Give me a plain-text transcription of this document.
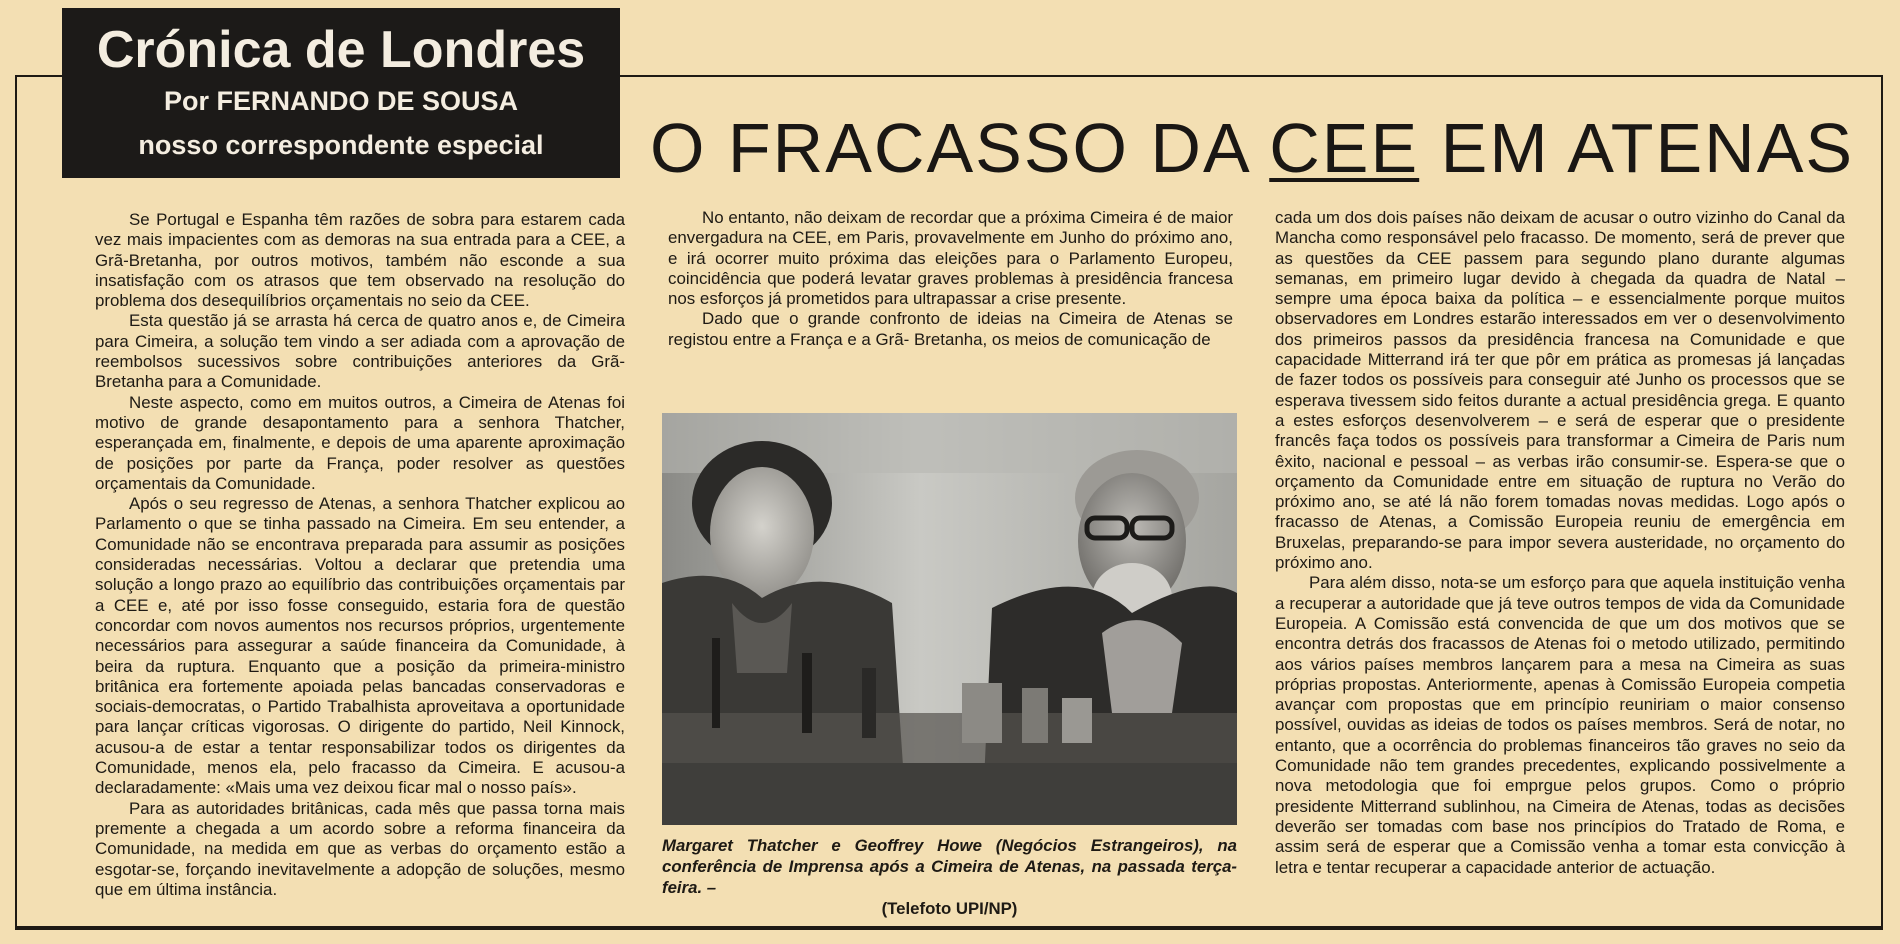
Crónica de Londres
Por FERNANDO DE SOUSA
nosso correspondente especial	O FRACASSO DA CEE EM ATENAS

Se Portugal e Espanha têm razões de sobra para estarem cada vez mais impacientes com as demoras na sua entrada para a CEE, a Grã-Bretanha, por outros motivos, também não esconde a sua insatisfação com os atrasos que tem observado na resolução do problema dos desequilíbrios orçamentais no seio da CEE.

Esta questão já se arrasta há cerca de quatro anos e, de Cimeira para Cimeira, a solução tem vindo a ser adiada com a aprovação de reembolsos sucessivos sobre contribuições anteriores da Grã-Bretanha para a Comunidade.

Neste aspecto, como em muitos outros, a Cimeira de Atenas foi motivo de grande desapontamento para a senhora Thatcher, esperançada em, finalmente, e depois de uma aparente aproximação de posições por parte da França, poder resolver as questões orçamentais da Comunidade.

Após o seu regresso de Atenas, a senhora Thatcher explicou ao Parlamento o que se tinha passado na Cimeira. Em seu entender, a Comunidade não se encontrava preparada para assumir as posições consideradas necessárias. Voltou a declarar que pretendia uma solução a longo prazo ao equilíbrio das contribuições orçamentais par a CEE e, até por isso fosse conseguido, estaria fora de questão concordar com novos aumentos nos recursos próprios, urgentemente necessários para assegurar a saúde financeira da Comunidade, à beira da ruptura. Enquanto que a posição da primeira-ministro britânica era fortemente apoiada pelas bancadas conservadoras e sociais-democratas, o Partido Trabalhista aproveitava a oportunidade para lançar críticas vigorosas. O dirigente do partido, Neil Kinnock, acusou-a de estar a tentar responsabilizar todos os dirigentes da Comunidade, menos ela, pelo fracasso da Cimeira. E acusou-a declaradamente: «Mais uma vez deixou ficar mal o nosso país».

Para as autoridades britânicas, cada mês que passa torna mais premente a chegada a um acordo sobre a reforma financeira da Comunidade, na medida em que as verbas do orçamento estão a esgotar-se, forçando inevitavelmente a adopção de soluções, mesmo que em última instância.

No entanto, não deixam de recordar que a próxima Cimeira é de maior envergadura na CEE, em Paris, provavelmente em Junho do próximo ano, e irá ocorrer muito próxima das eleições para o Parlamento Europeu, coincidência que poderá levatar graves problemas à presidência francesa nos esforços já prometidos para ultrapassar a crise presente.

Dado que o grande confronto de ideias na Cimeira de Atenas se registou entre a França e a Grã- Bretanha, os meios de comunicação de

Margaret Thatcher e Geoffrey Howe (Negócios Estrangeiros), na conferência de Imprensa após a Cimeira de Atenas, na passada terça-feira. –
(Telefoto UPI/NP)

cada um dos dois países não deixam de acusar o outro vizinho do Canal da Mancha como responsável pelo fracasso. De momento, será de prever que as questões da CEE passem para segundo plano durante algumas semanas, em primeiro lugar devido à chegada da quadra de Natal – sempre uma época baixa da política – e essencialmente porque muitos observadores em Londres estarão interessados em ver o desenvolvimento dos primeiros passos da presidência francesa na Comunidade e que capacidade Mitterrand irá ter que pôr em prática as promesas já lançadas de fazer todos os possíveis para conseguir até Junho os processos que se esperava tivessem sido feitos durante a actual presidência grega. E quanto a estes esforços desenvolverem – e será de esperar que o presidente francês faça todos os possíveis para transformar a Cimeira de Paris num êxito, nacional e pessoal – as verbas irão consumir-se. Espera-se que o orçamento da Comunidade entre em situação de ruptura no Verão do próximo ano, se até lá não forem tomadas novas medidas. Logo após o fracasso de Atenas, a Comissão Europeia reuniu de emergência em Bruxelas, preparando-se para impor severa austeridade, no orçamento do próximo ano.

Para além disso, nota-se um esforço para que aquela instituição venha a recuperar a autoridade que já teve outros tempos de vida da Comunidade Europeia. A Comissão está convencida de que um dos motivos que se encontra detrás dos fracassos de Atenas foi o metodo utilizado, permitindo aos vários países membros lançarem para a mesa na Cimeira as suas próprias propostas. Anteriormente, apenas à Comissão Europeia competia avançar com propostas que em princípio reuniriam o maior consenso possível, ouvidas as ideias de todos os países membros. Será de notar, no entanto, que a ocorrência do problemas financeiros tão graves no seio da Comunidade não tem grandes precedentes, explicando possivelmente a nova metodologia que foi emprgue pelos grupos. Como o próprio presidente Mitterrand sublinhou, na Cimeira de Atenas, todas as decisões deverão ser tomadas com base nos princípios do Tratado de Roma, e assim será de esperar que a Comissão venha a tomar esta convicção à letra e tentar recuperar a capacidade anterior de actuação.
